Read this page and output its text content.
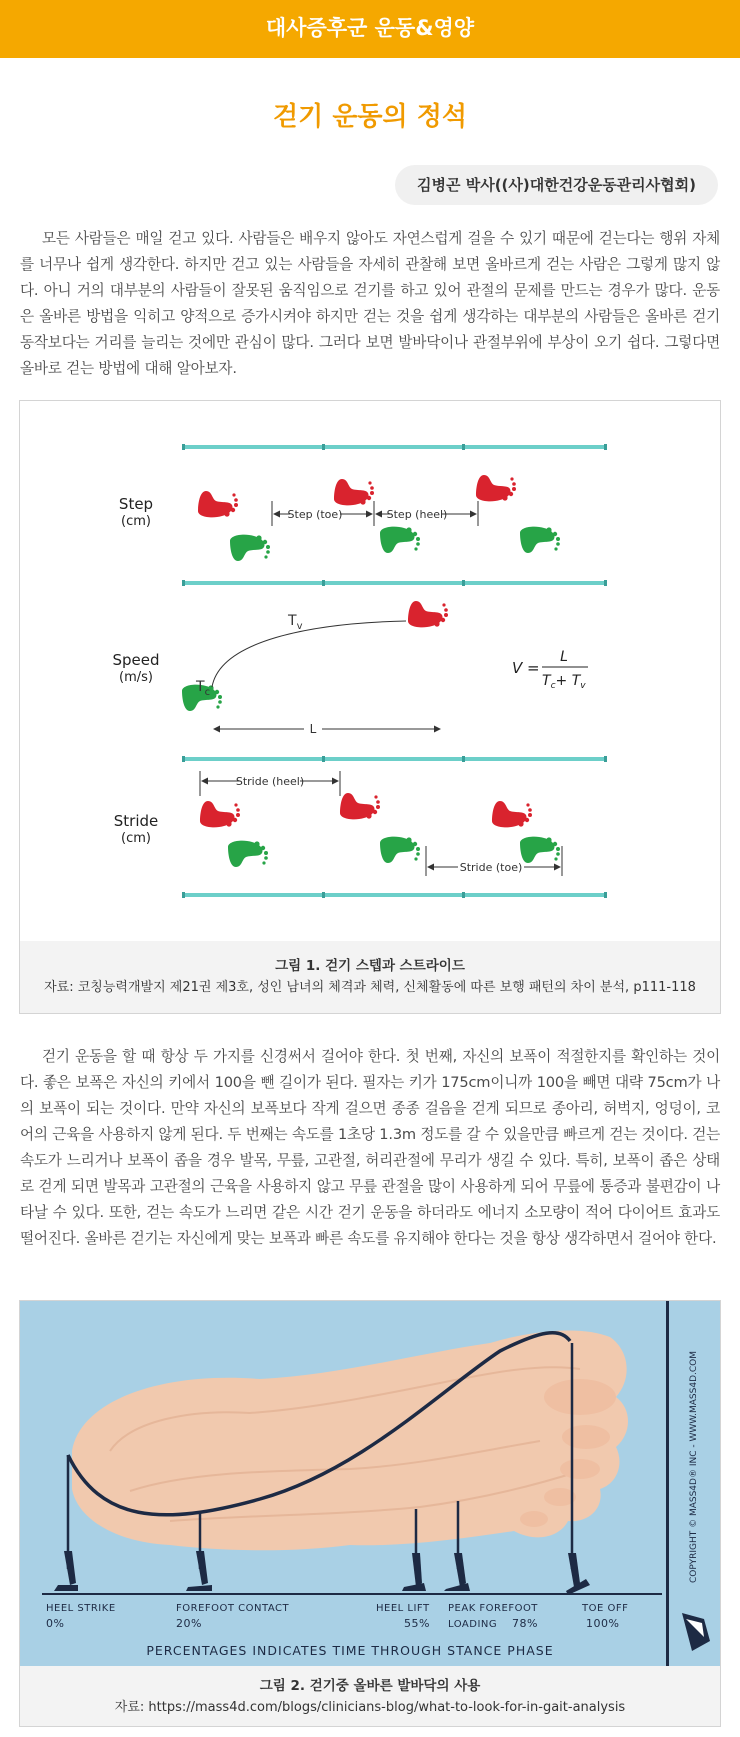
대사증후군 운동&영양
걷기 운동의 정석
김병곤 박사((사)대한건강운동관리사협회)

모든 사람들은 매일 걷고 있다. 사람들은 배우지 않아도 자연스럽게 걸을 수 있기 때문에 걷는다는 행위 자체를 너무나 쉽게 생각한다. 하지만 걷고 있는 사람들을 자세히 관찰해 보면 올바르게 걷는 사람은 그렇게 많지 않다. 아니 거의 대부분의 사람들이 잘못된 움직임으로 걷기를 하고 있어 관절의 문제를 만드는 경우가 많다. 운동은 올바른 방법을 익히고 양적으로 증가시켜야 하지만 걷는 것을 쉽게 생각하는 대부분의 사람들은 올바른 걷기 동작보다는 거리를 늘리는 것에만 관심이 많다. 그러다 보면 발바닥이나 관절부위에 부상이 오기 쉽다. 그렇다면 올바로 걷는 방법에 대해 알아보자.

Step
(cm)	Step (toe)	Step (heel)
Speed
(m/s)
$T_v$
$T_c$
L
V =
L
$T_c+ T_v$
Stride
(cm)
Stride (heel)
Stride (toe)
그림 1. 걷기 스텝과 스트라이드
자료: 코칭능력개발지 제21권 제3호, 성인 남녀의 체격과 체력, 신체활동에 따른 보행 패턴의 차이 분석, p111-118

걷기 운동을 할 때 항상 두 가지를 신경써서 걸어야 한다. 첫 번째, 자신의 보폭이 적절한지를 확인하는 것이다. 좋은 보폭은 자신의 키에서 100을 뺀 길이가 된다. 필자는 키가 175cm이니까 100을 빼면 대략 75cm가 나의 보폭이 되는 것이다. 만약 자신의 보폭보다 작게 걸으면 종종 걸음을 걷게 되므로 종아리, 허벅지, 엉덩이, 코어의 근육을 사용하지 않게 된다. 두 번째는 속도를 1초당 1.3m 정도를 갈 수 있을만큼 빠르게 걷는 것이다. 걷는 속도가 느리거나 보폭이 좁을 경우 발목, 무릎, 고관절, 허리관절에 무리가 생길 수 있다. 특히, 보폭이 좁은 상태로 걷게 되면 발목과 고관절의 근육을 사용하지 않고 무릎 관절을 많이 사용하게 되어 무릎에 통증과 불편감이 나타날 수 있다. 또한, 걷는 속도가 느리면 같은 시간 걷기 운동을 하더라도 에너지 소모량이 적어 다이어트 효과도 떨어진다. 올바른 걷기는 자신에게 맞는 보폭과 빠른 속도를 유지해야 한다는 것을 항상 생각하면서 걸어야 한다.

COPYRIGHT © MASS4D® INC - WWW.MASS4D.COM
HEEL STRIKE
0%
FOREFOOT CONTACT
20%
HEEL LIFT
55%
PEAK FOREFOOT
LOADING 78%
TOE OFF
100%
PERCENTAGES INDICATES TIME THROUGH STANCE PHASE
그림 2. 걷기중 올바른 발바닥의 사용
자료: https://mass4d.com/blogs/clinicians-blog/what-to-look-for-in-gait-analysis
